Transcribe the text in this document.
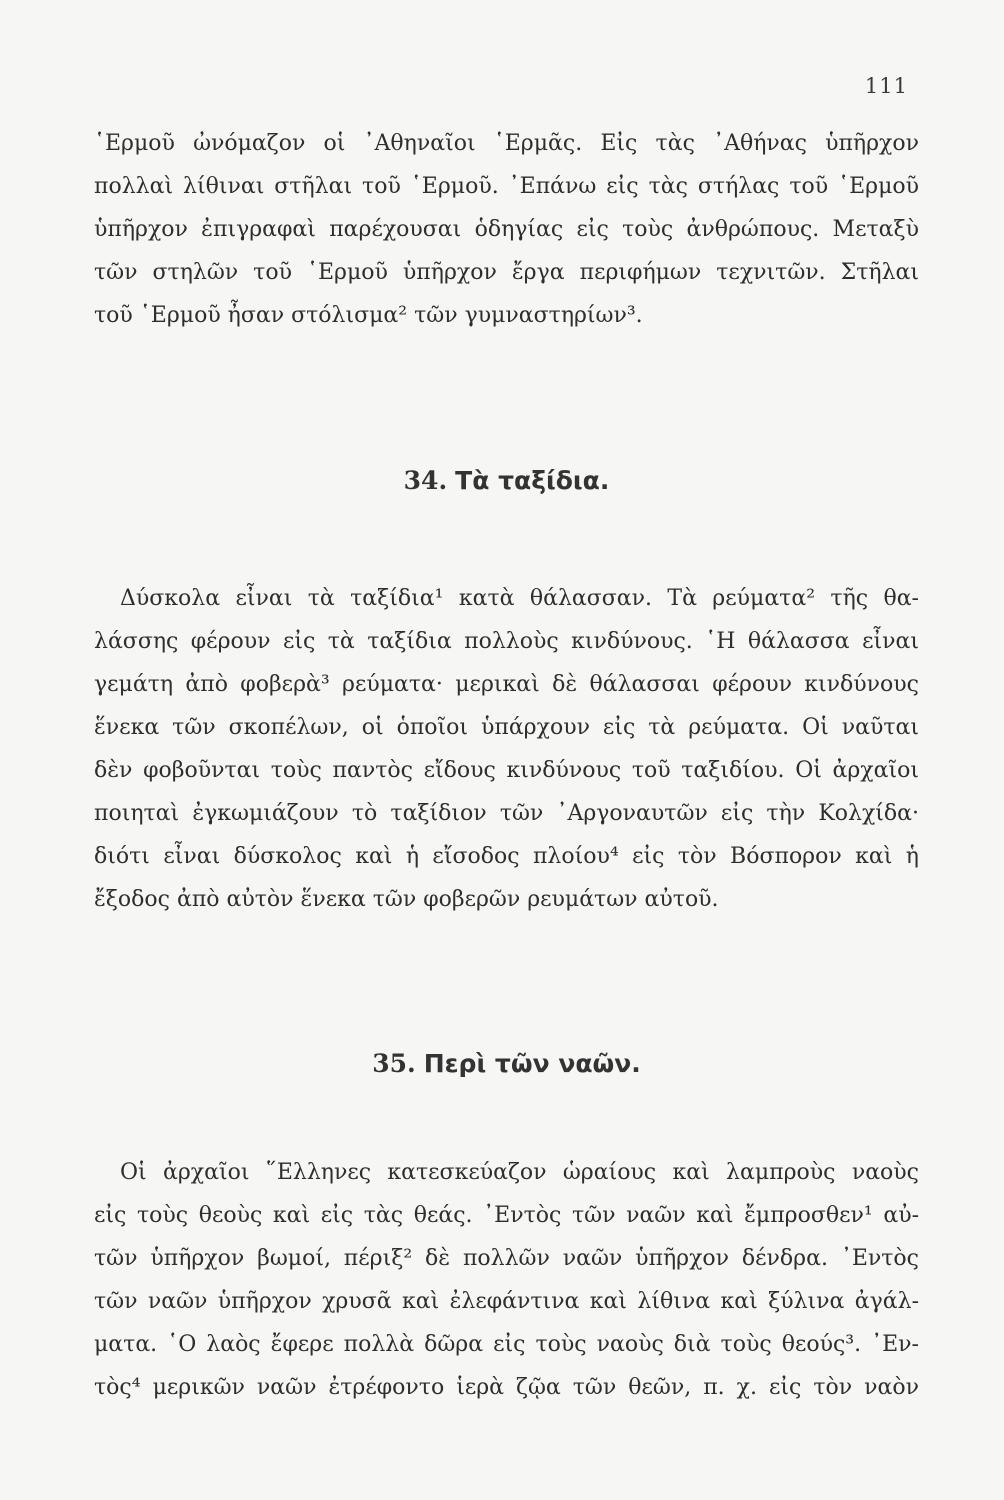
111
῾Ερμοῦ ὠνόμαζον οἱ ᾿Αθηναῖοι ῾Ερμᾶς. Εἰς τὰς ᾿Αθήνας ὑπῆρχον
πολλαὶ λίθιναι στῆλαι τοῦ ῾Ερμοῦ. ᾿Επάνω εἰς τὰς στήλας τοῦ ῾Ερμοῦ
ὑπῆρχον ἐπιγραφαὶ παρέχουσαι ὁδηγίας εἰς τοὺς ἀνθρώπους. Μεταξὺ
τῶν στηλῶν τοῦ ῾Ερμοῦ ὑπῆρχον ἔργα περιφήμων τεχνιτῶν. Στῆλαι
τοῦ ῾Ερμοῦ ἦσαν στόλισμα² τῶν γυμναστηρίων³.
34. Τὰ ταξίδια.
Δύσκολα εἶναι τὰ ταξίδια¹ κατὰ θάλασσαν. Τὰ ρεύματα² τῆς θα-
λάσσης φέρουν εἰς τὰ ταξίδια πολλοὺς κινδύνους. ῾Η θάλασσα εἶναι
γεμάτη ἀπὸ φοβερὰ³ ρεύματα· μερικαὶ δὲ θάλασσαι φέρουν κινδύνους
ἕνεκα τῶν σκοπέλων, οἱ ὁποῖοι ὑπάρχουν εἰς τὰ ρεύματα. Οἱ ναῦται
δὲν φοβοῦνται τοὺς παντὸς εἴδους κινδύνους τοῦ ταξιδίου. Οἱ ἀρχαῖοι
ποιηταὶ ἐγκωμιάζουν τὸ ταξίδιον τῶν ᾿Αργοναυτῶν εἰς τὴν Κολχίδα·
διότι εἶναι δύσκολος καὶ ἡ εἴσοδος πλοίου⁴ εἰς τὸν Βόσπορον καὶ ἡ
ἔξοδος ἀπὸ αὐτὸν ἕνεκα τῶν φοβερῶν ρευμάτων αὐτοῦ.
35. Περὶ τῶν ναῶν.
Οἱ ἀρχαῖοι ῞Ελληνες κατεσκεύαζον ὡραίους καὶ λαμπροὺς ναοὺς
εἰς τοὺς θεοὺς καὶ εἰς τὰς θεάς. ᾿Εντὸς τῶν ναῶν καὶ ἔμπροσθεν¹ αὐ-
τῶν ὑπῆρχον βωμοί, πέριξ² δὲ πολλῶν ναῶν ὑπῆρχον δένδρα. ᾿Εντὸς
τῶν ναῶν ὑπῆρχον χρυσᾶ καὶ ἐλεφάντινα καὶ λίθινα καὶ ξύλινα ἀγάλ-
ματα. ῾Ο λαὸς ἔφερε πολλὰ δῶρα εἰς τοὺς ναοὺς διὰ τοὺς θεούς³. ᾿Εν-
τὸς⁴ μερικῶν ναῶν ἐτρέφοντο ἱερὰ ζῷα τῶν θεῶν, π. χ. εἰς τὸν ναὸν
